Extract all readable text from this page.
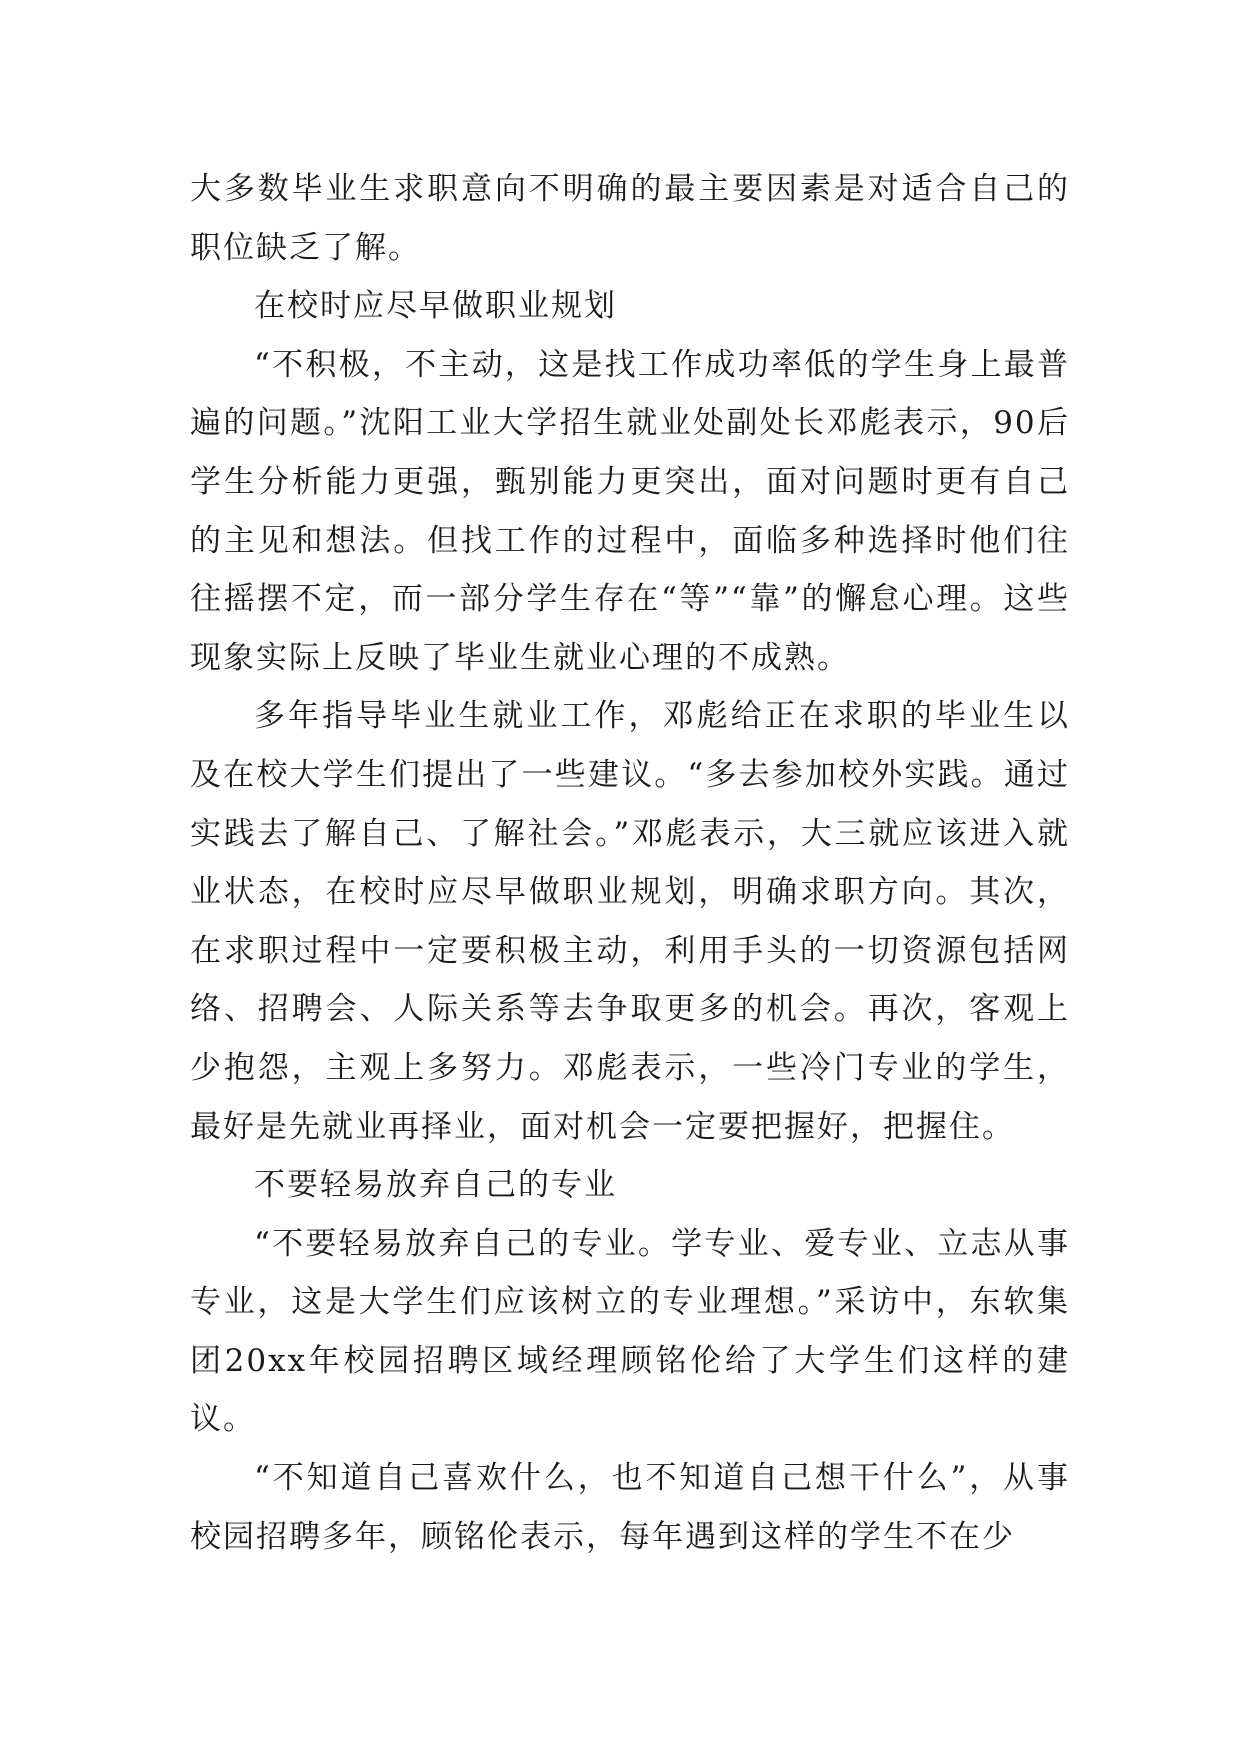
大多数毕业生求职意向不明确的最主要因素是对适合自己的职位缺乏了解。

在校时应尽早做职业规划

“不积极，不主动，这是找工作成功率低的学生身上最普遍的问题。”沈阳工业大学招生就业处副处长邓彪表示，90后学生分析能力更强，甄别能力更突出，面对问题时更有自己的主见和想法。但找工作的过程中，面临多种选择时他们往往摇摆不定，而一部分学生存在“等”“靠”的懈怠心理。这些现象实际上反映了毕业生就业心理的不成熟。

多年指导毕业生就业工作，邓彪给正在求职的毕业生以及在校大学生们提出了一些建议。“多去参加校外实践。通过实践去了解自己、了解社会。”邓彪表示，大三就应该进入就业状态，在校时应尽早做职业规划，明确求职方向。其次，在求职过程中一定要积极主动，利用手头的一切资源包括网络、招聘会、人际关系等去争取更多的机会。再次，客观上少抱怨，主观上多努力。邓彪表示，一些冷门专业的学生，最好是先就业再择业，面对机会一定要把握好，把握住。

不要轻易放弃自己的专业

“不要轻易放弃自己的专业。学专业、爱专业、立志从事专业，这是大学生们应该树立的专业理想。”采访中，东软集团20xx年校园招聘区域经理顾铭伦给了大学生们这样的建议。

“不知道自己喜欢什么，也不知道自己想干什么”，从事校园招聘多年，顾铭伦表示，每年遇到这样的学生不在少
